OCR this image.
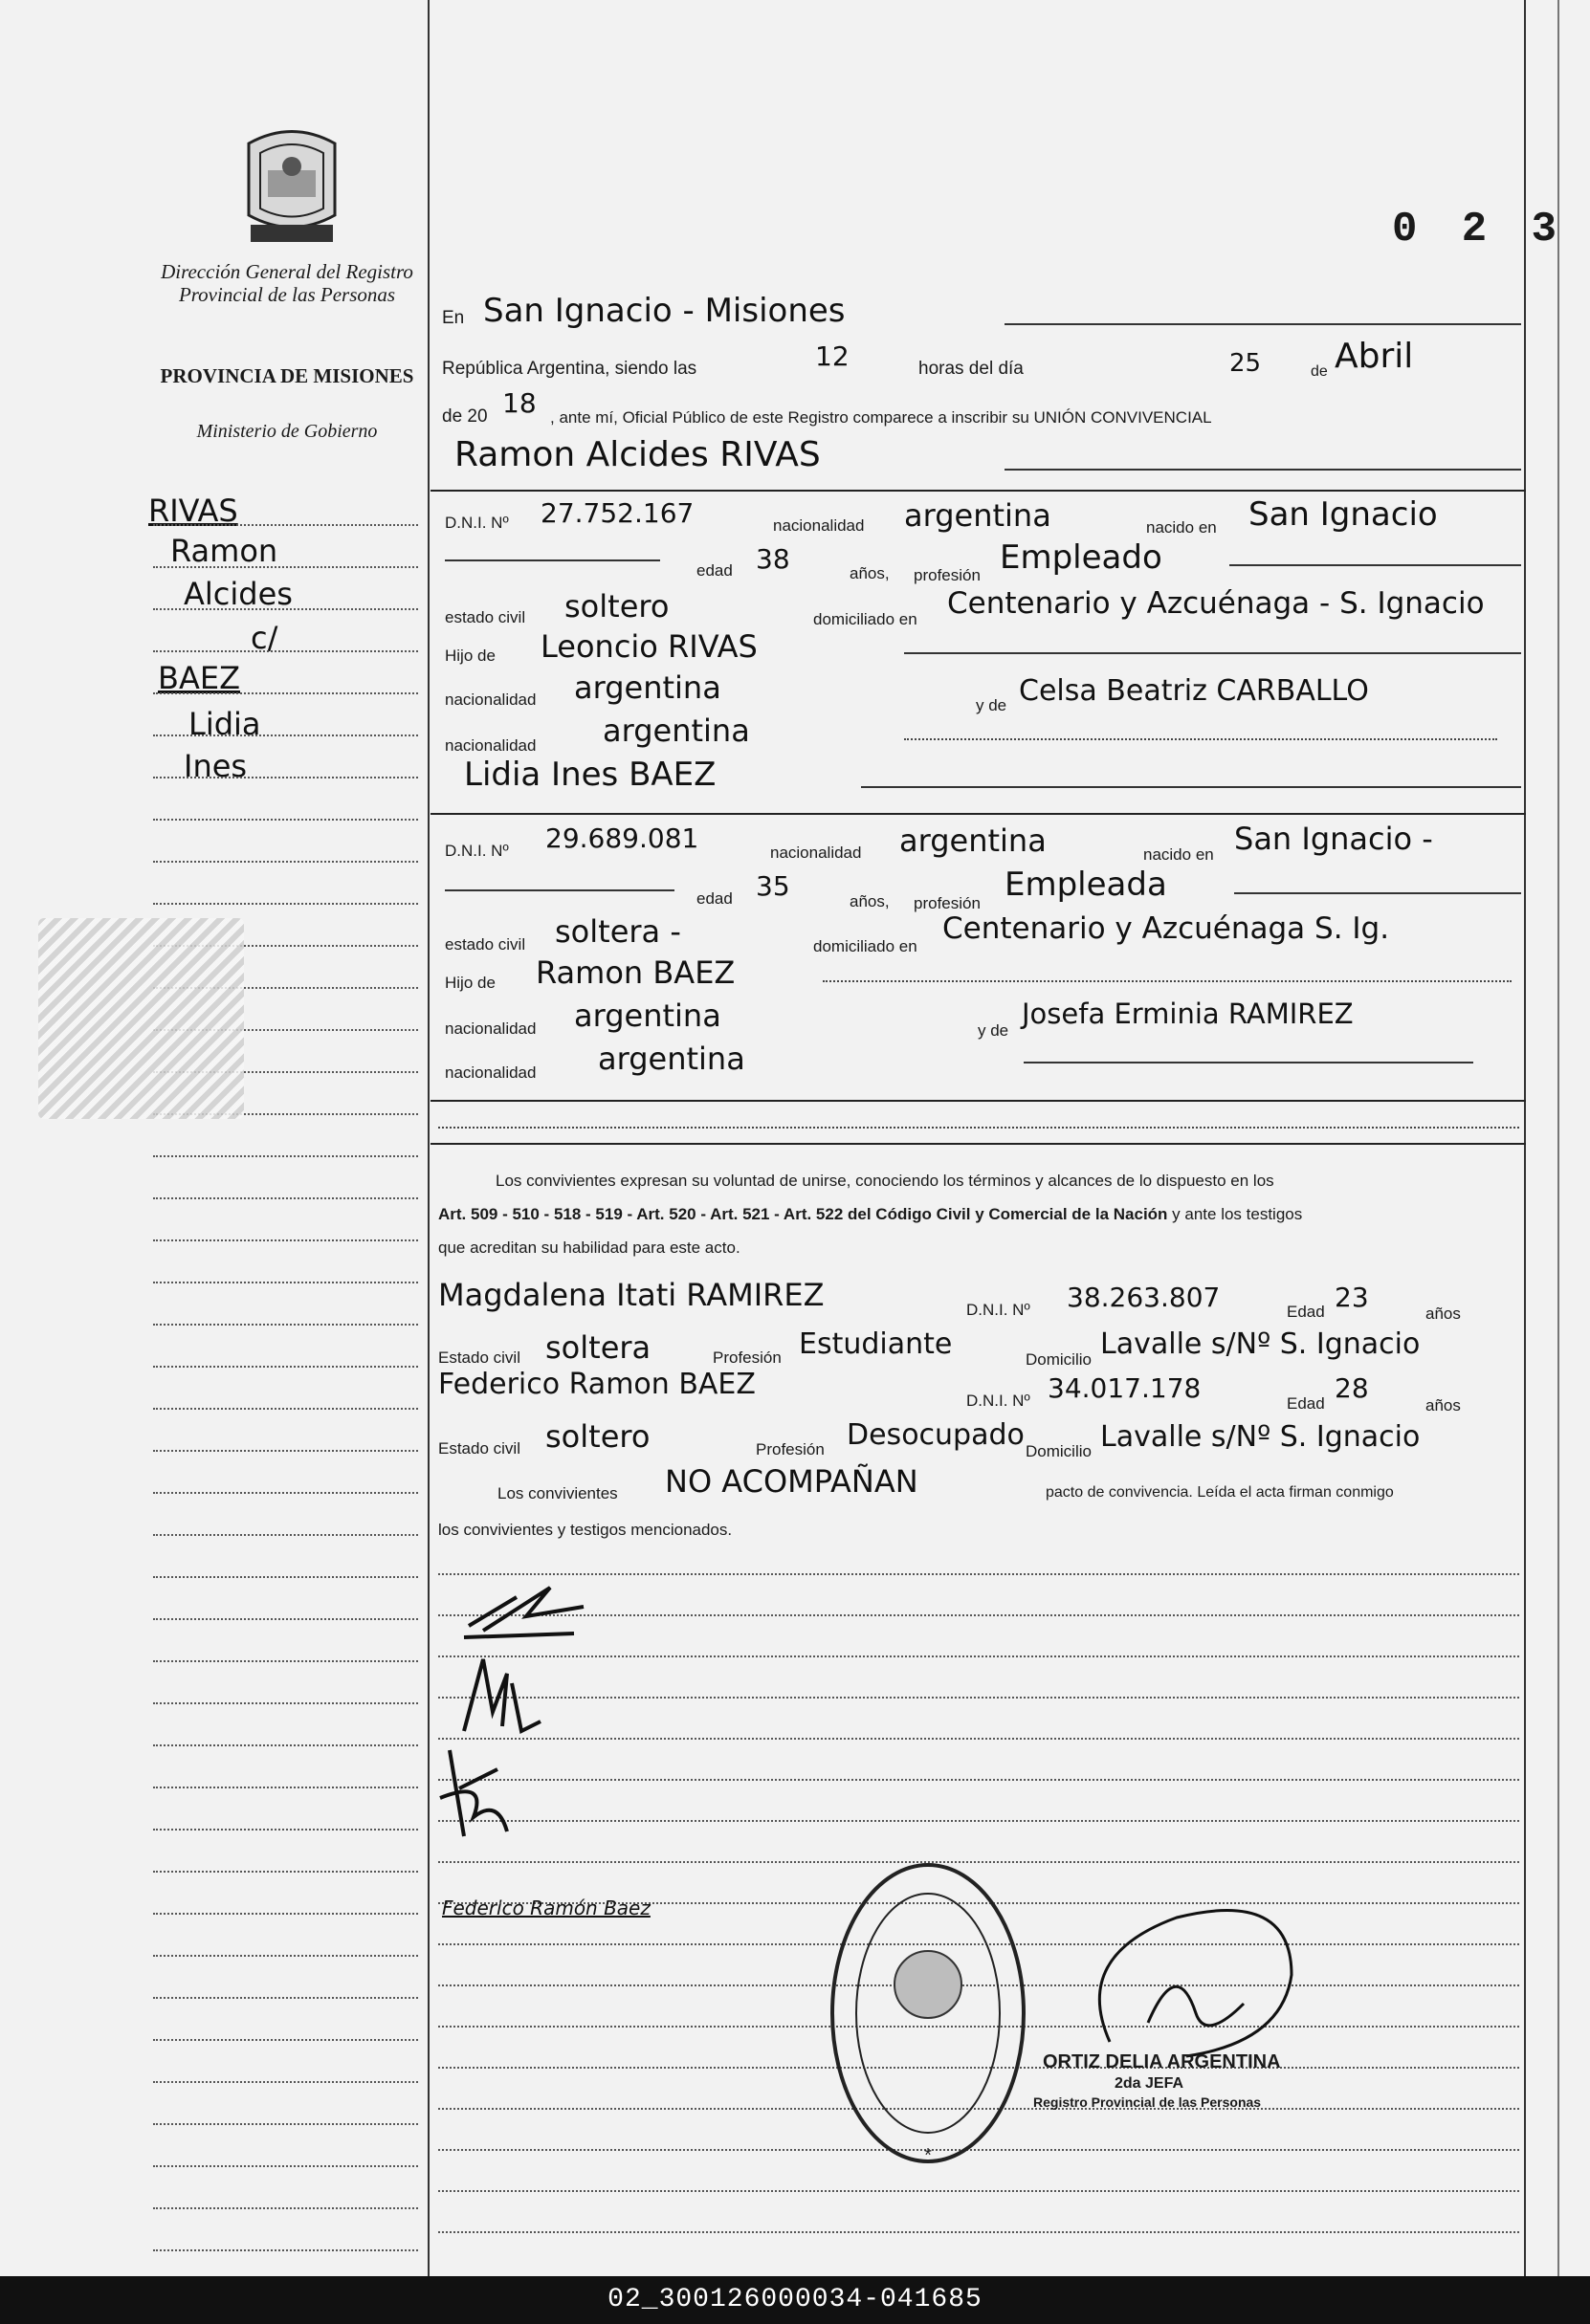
0 2 3
Dirección General del Registro Provincial de las Personas
PROVINCIA DE MISIONES
Ministerio de Gobierno
RIVAS
Ramon
Alcides
c/
BAEZ
Lidia
Ines
En San Ignacio - Misiones
República Argentina, siendo las	12	horas del día	25	de Abril
de 20 18 , ante mí, Oficial Público de este Registro comparece a inscribir su UNIÓN CONVIVENCIAL
Ramon Alcides RIVAS
D.N.I. Nº 27.752.167	nacionalidad argentina	nacido en San Ignacio
edad 38	años, profesión Empleado
estado civil soltero	domiciliado en Centenario y Azcuénaga - S. Ignacio
Hijo de Leoncio RIVAS
nacionalidad argentina	y de Celsa Beatriz CARBALLO
nacionalidad argentina
Lidia Ines BAEZ
D.N.I. Nº 29.689.081	nacionalidad argentina	nacido en San Ignacio -
edad 35	años, profesión Empleada
estado civil soltera -	domiciliado en
Centenario y Azcuénaga S. Ig.
Hijo de Ramon BAEZ
nacionalidad argentina	y de
Josefa Erminia RAMIREZ
nacionalidad argentina
Los convivientes expresan su voluntad de unirse, conociendo los términos y alcances de lo dispuesto en los
Art. 509 - 510 - 518 - 519 - Art. 520 - Art. 521 - Art. 522 del Código Civil y Comercial de la Nación y ante los testigos
que acreditan su habilidad para este acto.
Magdalena Itati RAMIREZ	D.N.I. Nº 38.263.807	Edad 23
años
Estado civil soltera	Profesión Estudiante	Domicilio Lavalle s/Nº S. Ignacio
Federico Ramon BAEZ	D.N.I. Nº 34.017.178	Edad 28
años
Estado civil soltero	Profesión Desocupado Domicilio Lavalle s/Nº S. Ignacio
Los convivientes NO ACOMPAÑAN	pacto de convivencia. Leída el acta firman conmigo
los convivientes y testigos mencionados.
Federico Ramón Baez
*
ORTIZ DELIA ARGENTINA
2da JEFA
Registro Provincial de las Personas
02_300126000034-041685
